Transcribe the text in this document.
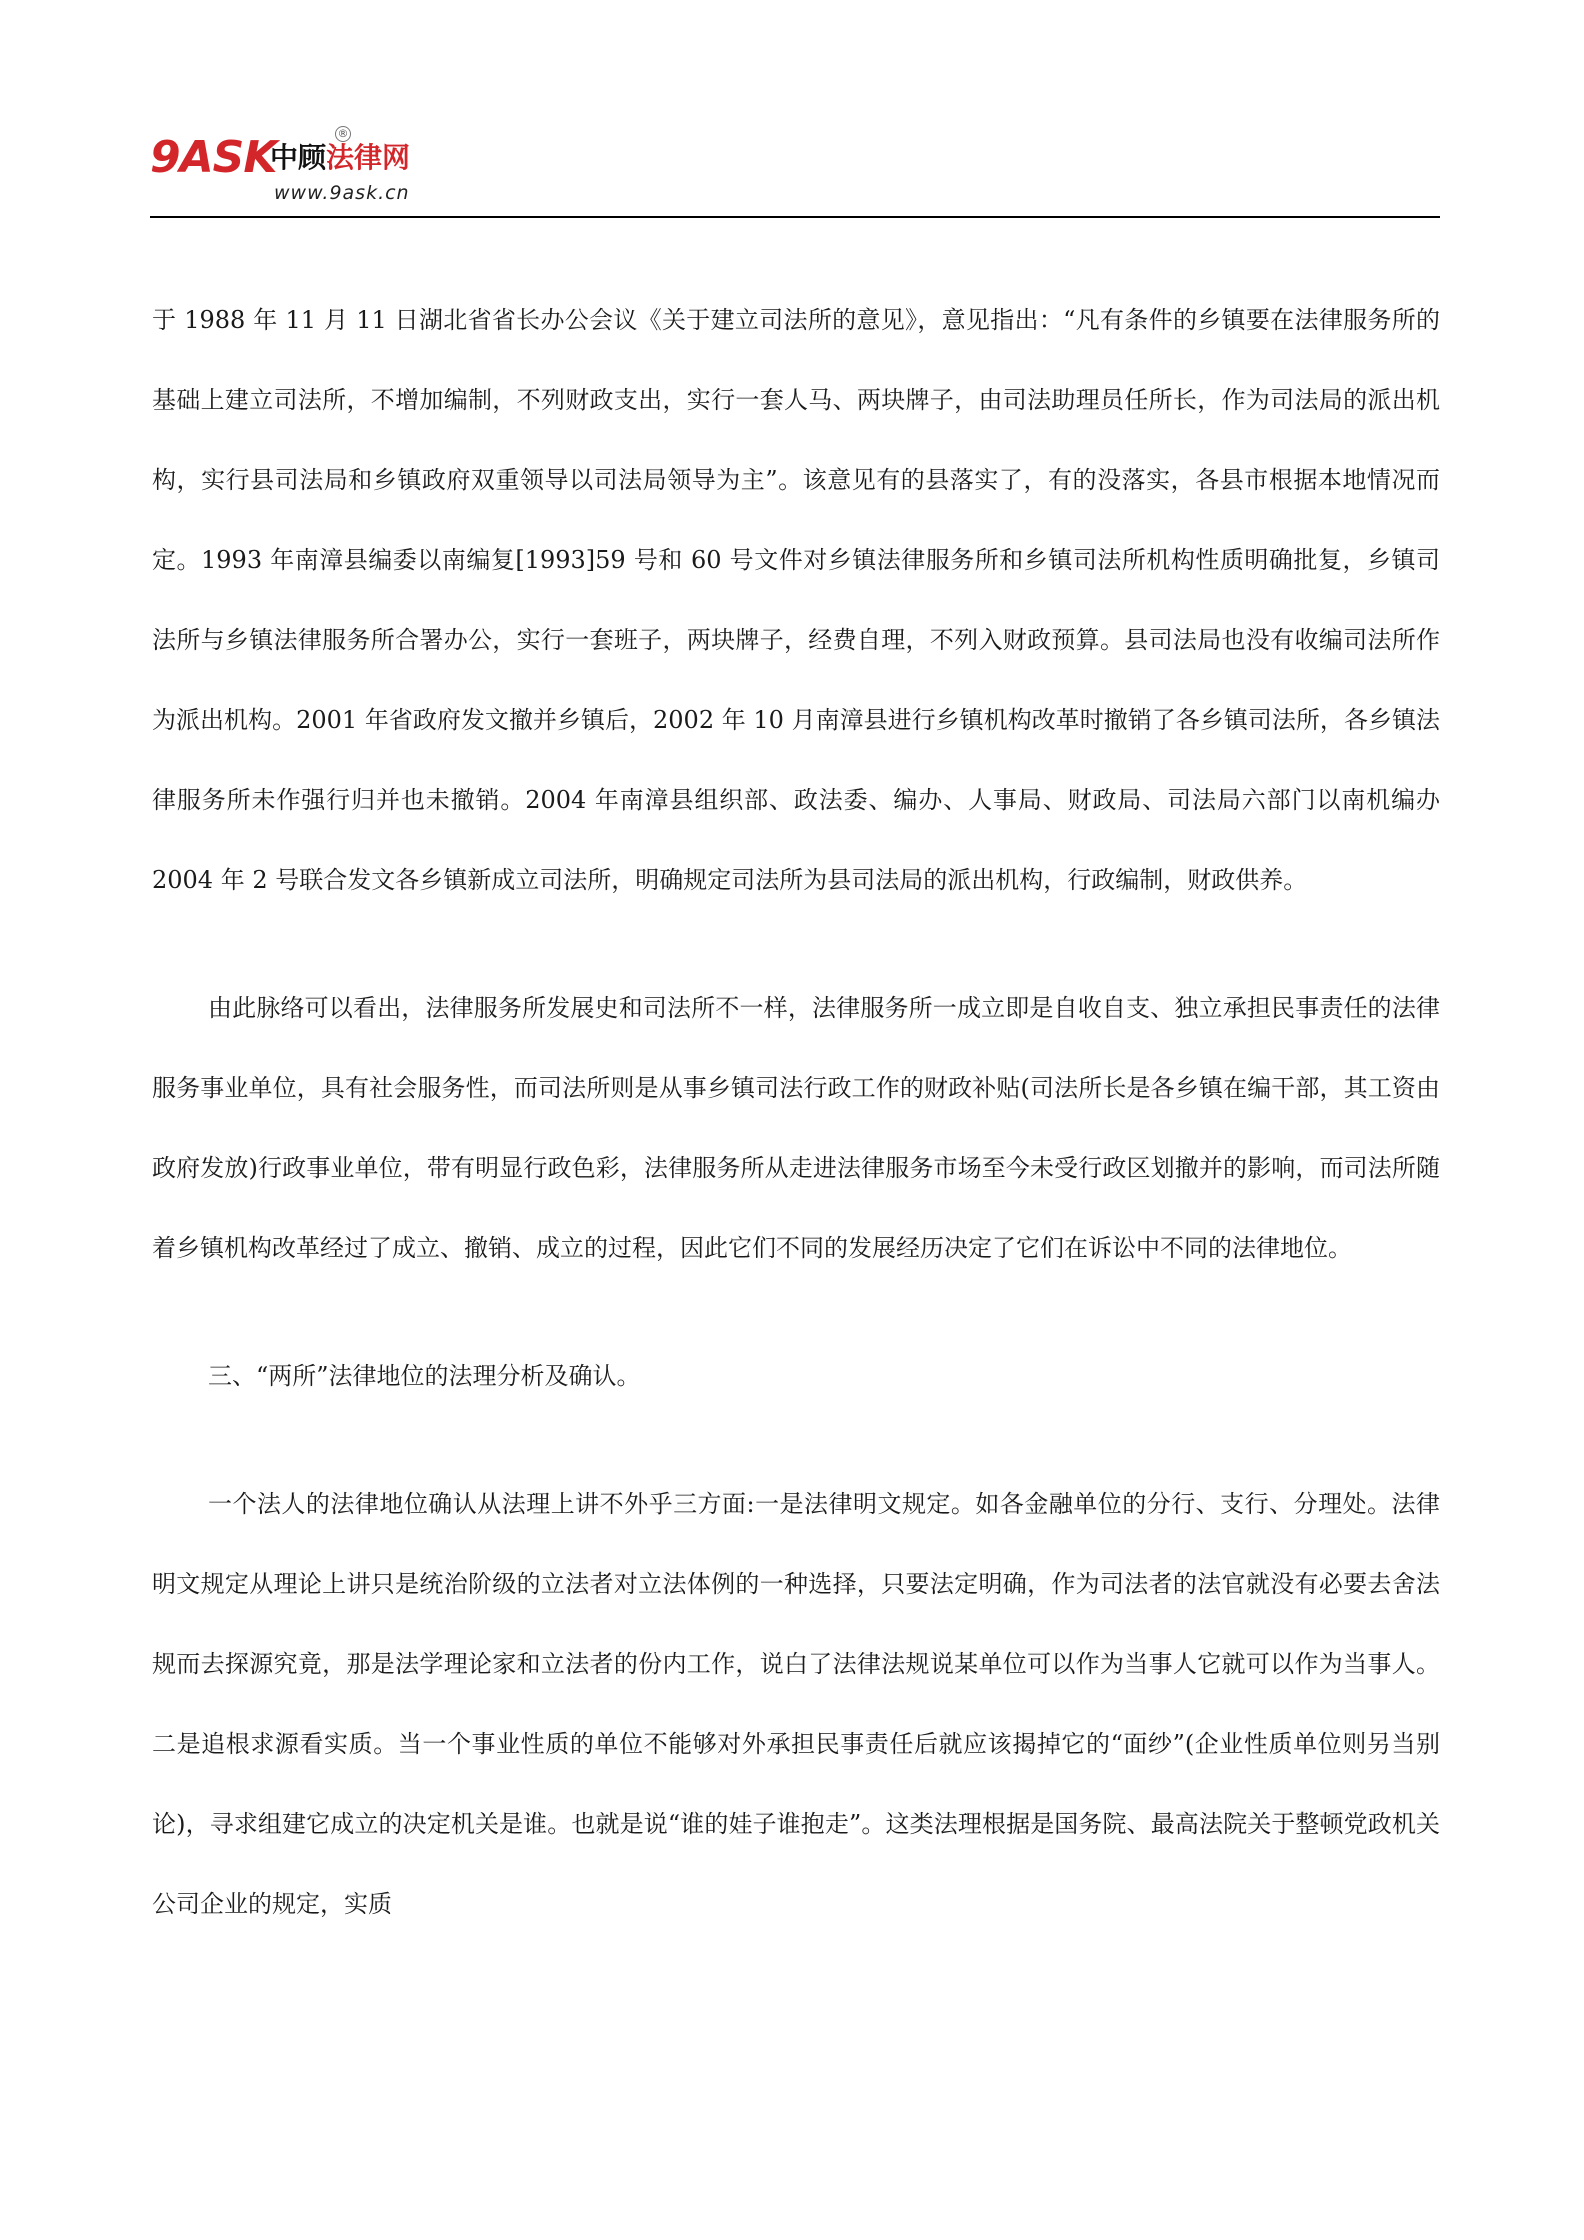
9ASK
中顾法律网
®
www.9ask.cn

于 1988 年 11 月 11 日湖北省省长办公会议《关于建立司法所的意见》，意见指出：“凡有条件的乡镇要在法律服务所的基础上建立司法所，不增加编制，不列财政支出，实行一套人马、两块牌子，由司法助理员任所长，作为司法局的派出机构，实行县司法局和乡镇政府双重领导以司法局领导为主”。该意见有的县落实了，有的没落实，各县市根据本地情况而定。1993 年南漳县编委以南编复[1993]59 号和 60 号文件对乡镇法律服务所和乡镇司法所机构性质明确批复，乡镇司法所与乡镇法律服务所合署办公，实行一套班子，两块牌子，经费自理，不列入财政预算。县司法局也没有收编司法所作为派出机构。2001 年省政府发文撤并乡镇后，2002 年 10 月南漳县进行乡镇机构改革时撤销了各乡镇司法所，各乡镇法律服务所未作强行归并也未撤销。2004 年南漳县组织部、政法委、编办、人事局、财政局、司法局六部门以南机编办 2004 年 2 号联合发文各乡镇新成立司法所，明确规定司法所为县司法局的派出机构，行政编制，财政供养。

由此脉络可以看出，法律服务所发展史和司法所不一样，法律服务所一成立即是自收自支、独立承担民事责任的法律服务事业单位，具有社会服务性，而司法所则是从事乡镇司法行政工作的财政补贴(司法所长是各乡镇在编干部，其工资由政府发放)行政事业单位，带有明显行政色彩，法律服务所从走进法律服务市场至今未受行政区划撤并的影响，而司法所随着乡镇机构改革经过了成立、撤销、成立的过程，因此它们不同的发展经历决定了它们在诉讼中不同的法律地位。

三、“两所”法律地位的法理分析及确认。

一个法人的法律地位确认从法理上讲不外乎三方面:一是法律明文规定。如各金融单位的分行、支行、分理处。法律明文规定从理论上讲只是统治阶级的立法者对立法体例的一种选择，只要法定明确，作为司法者的法官就没有必要去舍法规而去探源究竟，那是法学理论家和立法者的份内工作，说白了法律法规说某单位可以作为当事人它就可以作为当事人。二是追根求源看实质。当一个事业性质的单位不能够对外承担民事责任后就应该揭掉它的“面纱”(企业性质单位则另当别论)，寻求组建它成立的决定机关是谁。也就是说“谁的娃子谁抱走”。这类法理根据是国务院、最高法院关于整顿党政机关公司企业的规定，实质
